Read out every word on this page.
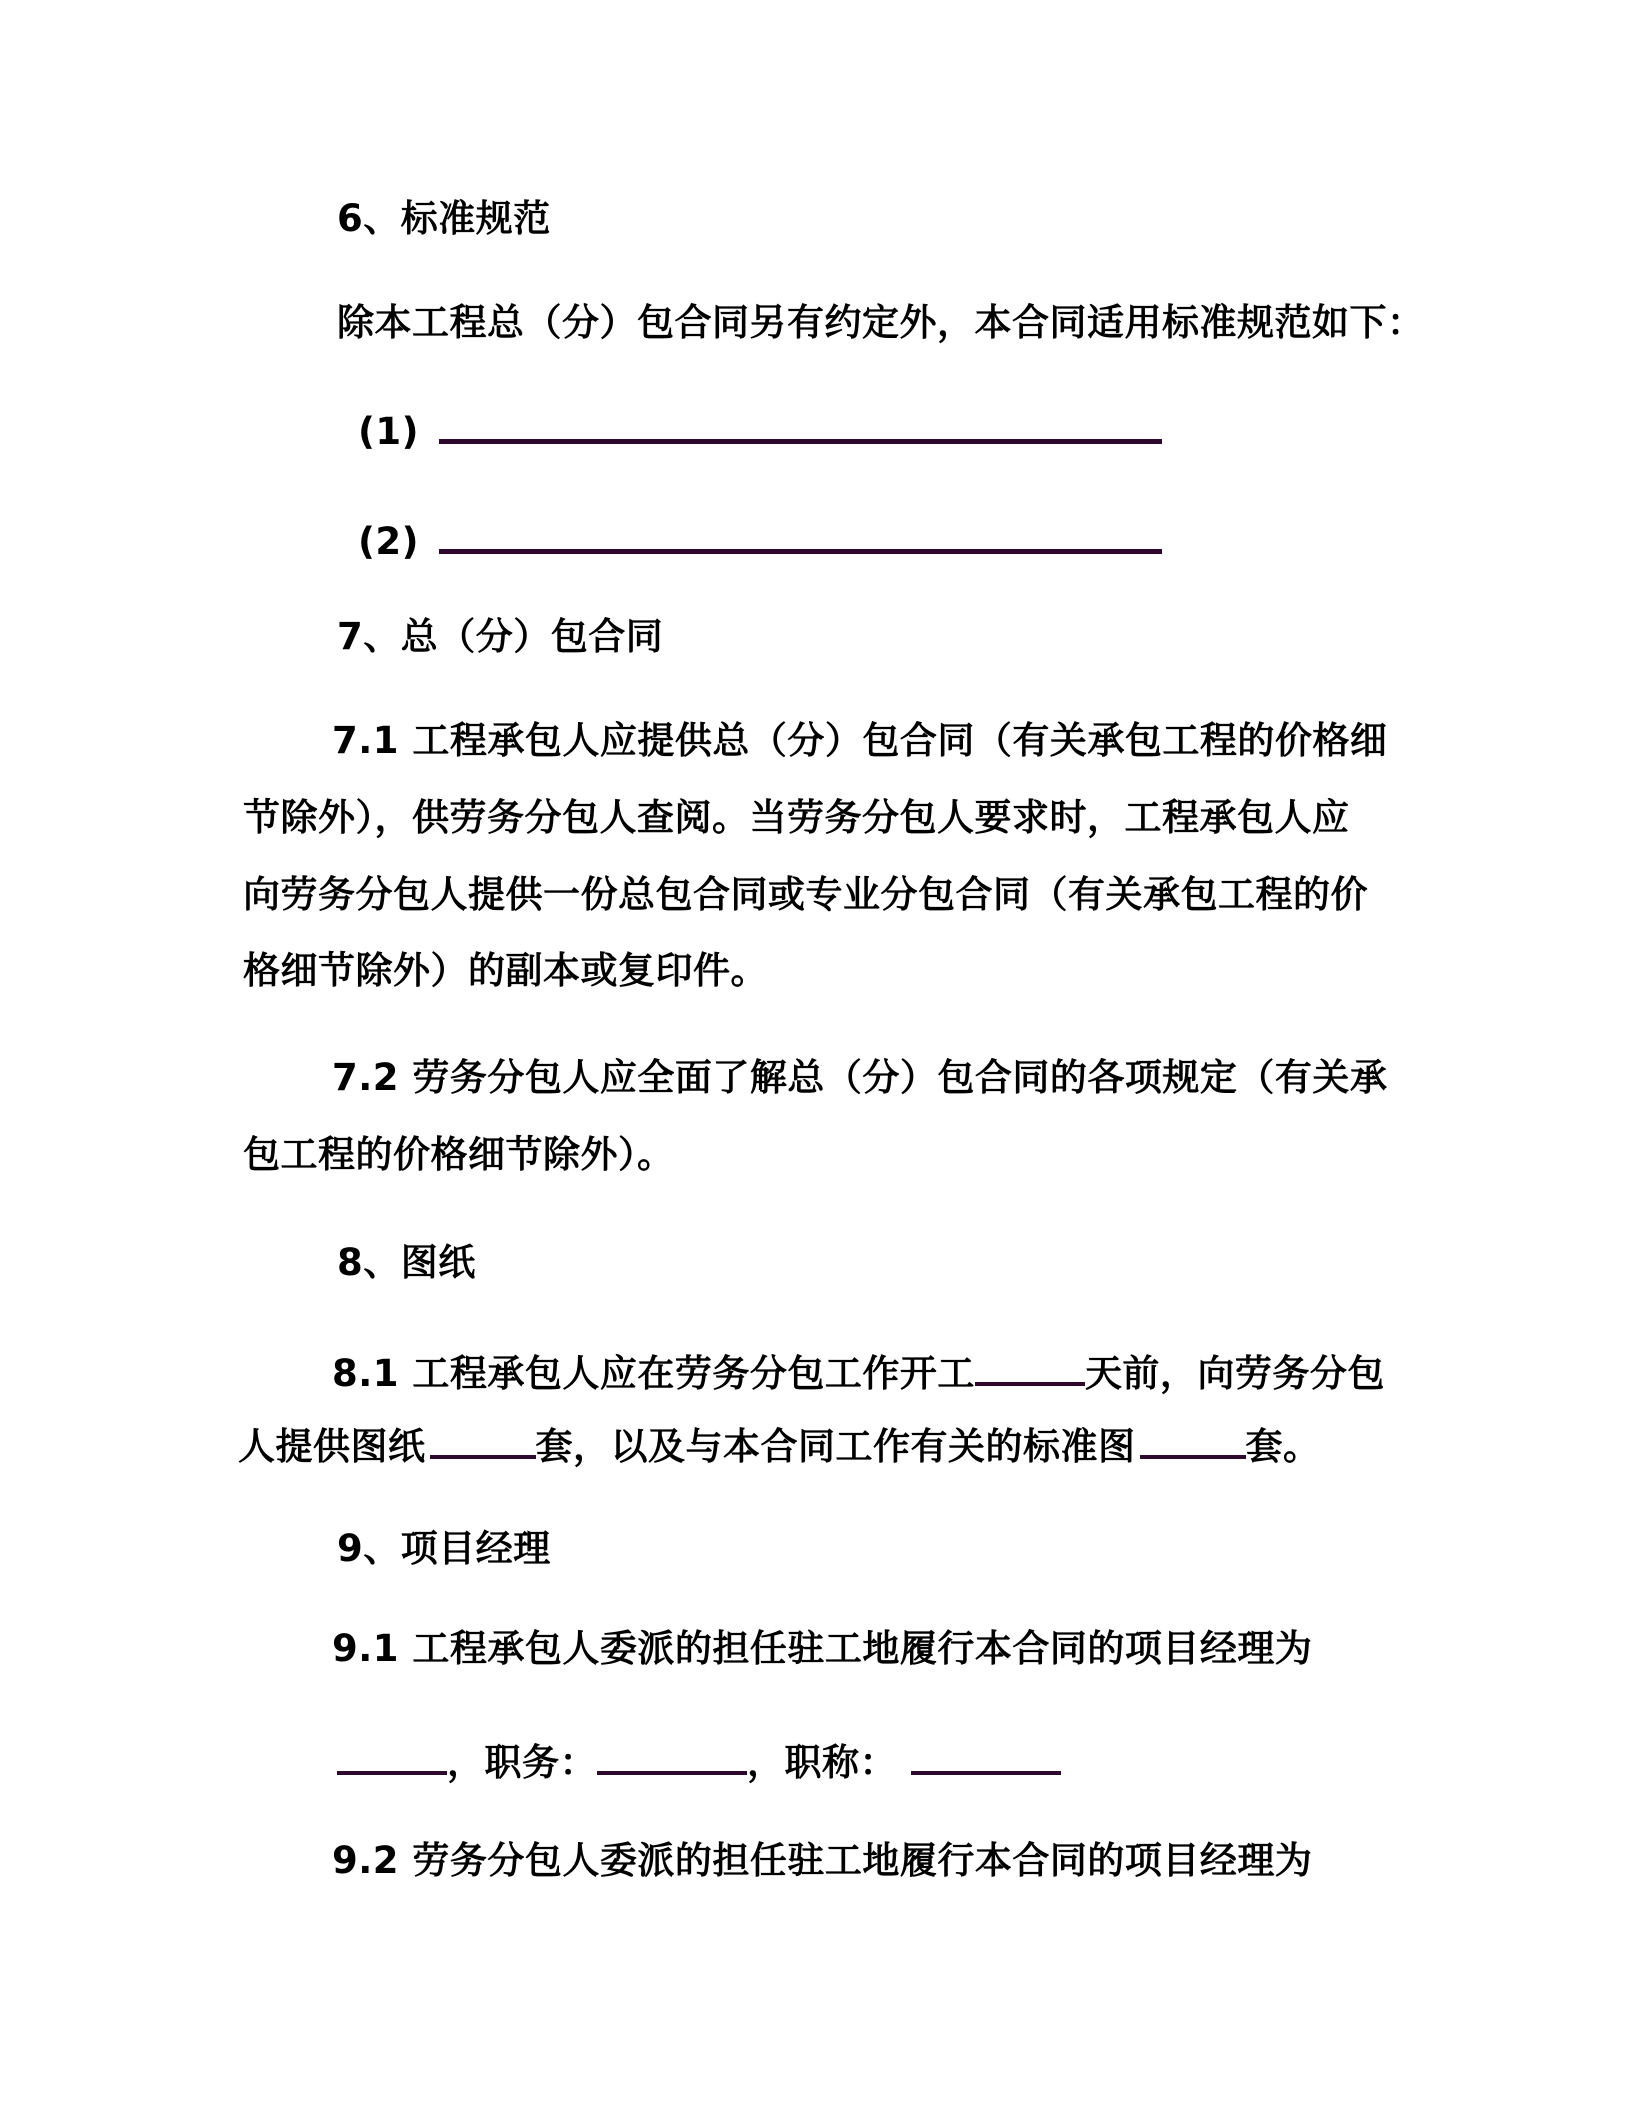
6、标准规范
除本工程总（分）包合同另有约定外，本合同适用标准规范如下：
(1)
(2)
7、总（分）包合同
7.1 工程承包人应提供总（分）包合同（有关承包工程的价格细
节除外），供劳务分包人查阅。当劳务分包人要求时，工程承包人应
向劳务分包人提供一份总包合同或专业分包合同（有关承包工程的价
格细节除外）的副本或复印件。
7.2 劳务分包人应全面了解总（分）包合同的各项规定（有关承
包工程的价格细节除外）。
8、图纸
8.1 工程承包人应在劳务分包工作开工	天前，向劳务分包
人提供图纸	套，以及与本合同工作有关的标准图	套。
9、项目经理
9.1 工程承包人委派的担任驻工地履行本合同的项目经理为
，职务：	，职称：
9.2 劳务分包人委派的担任驻工地履行本合同的项目经理为
